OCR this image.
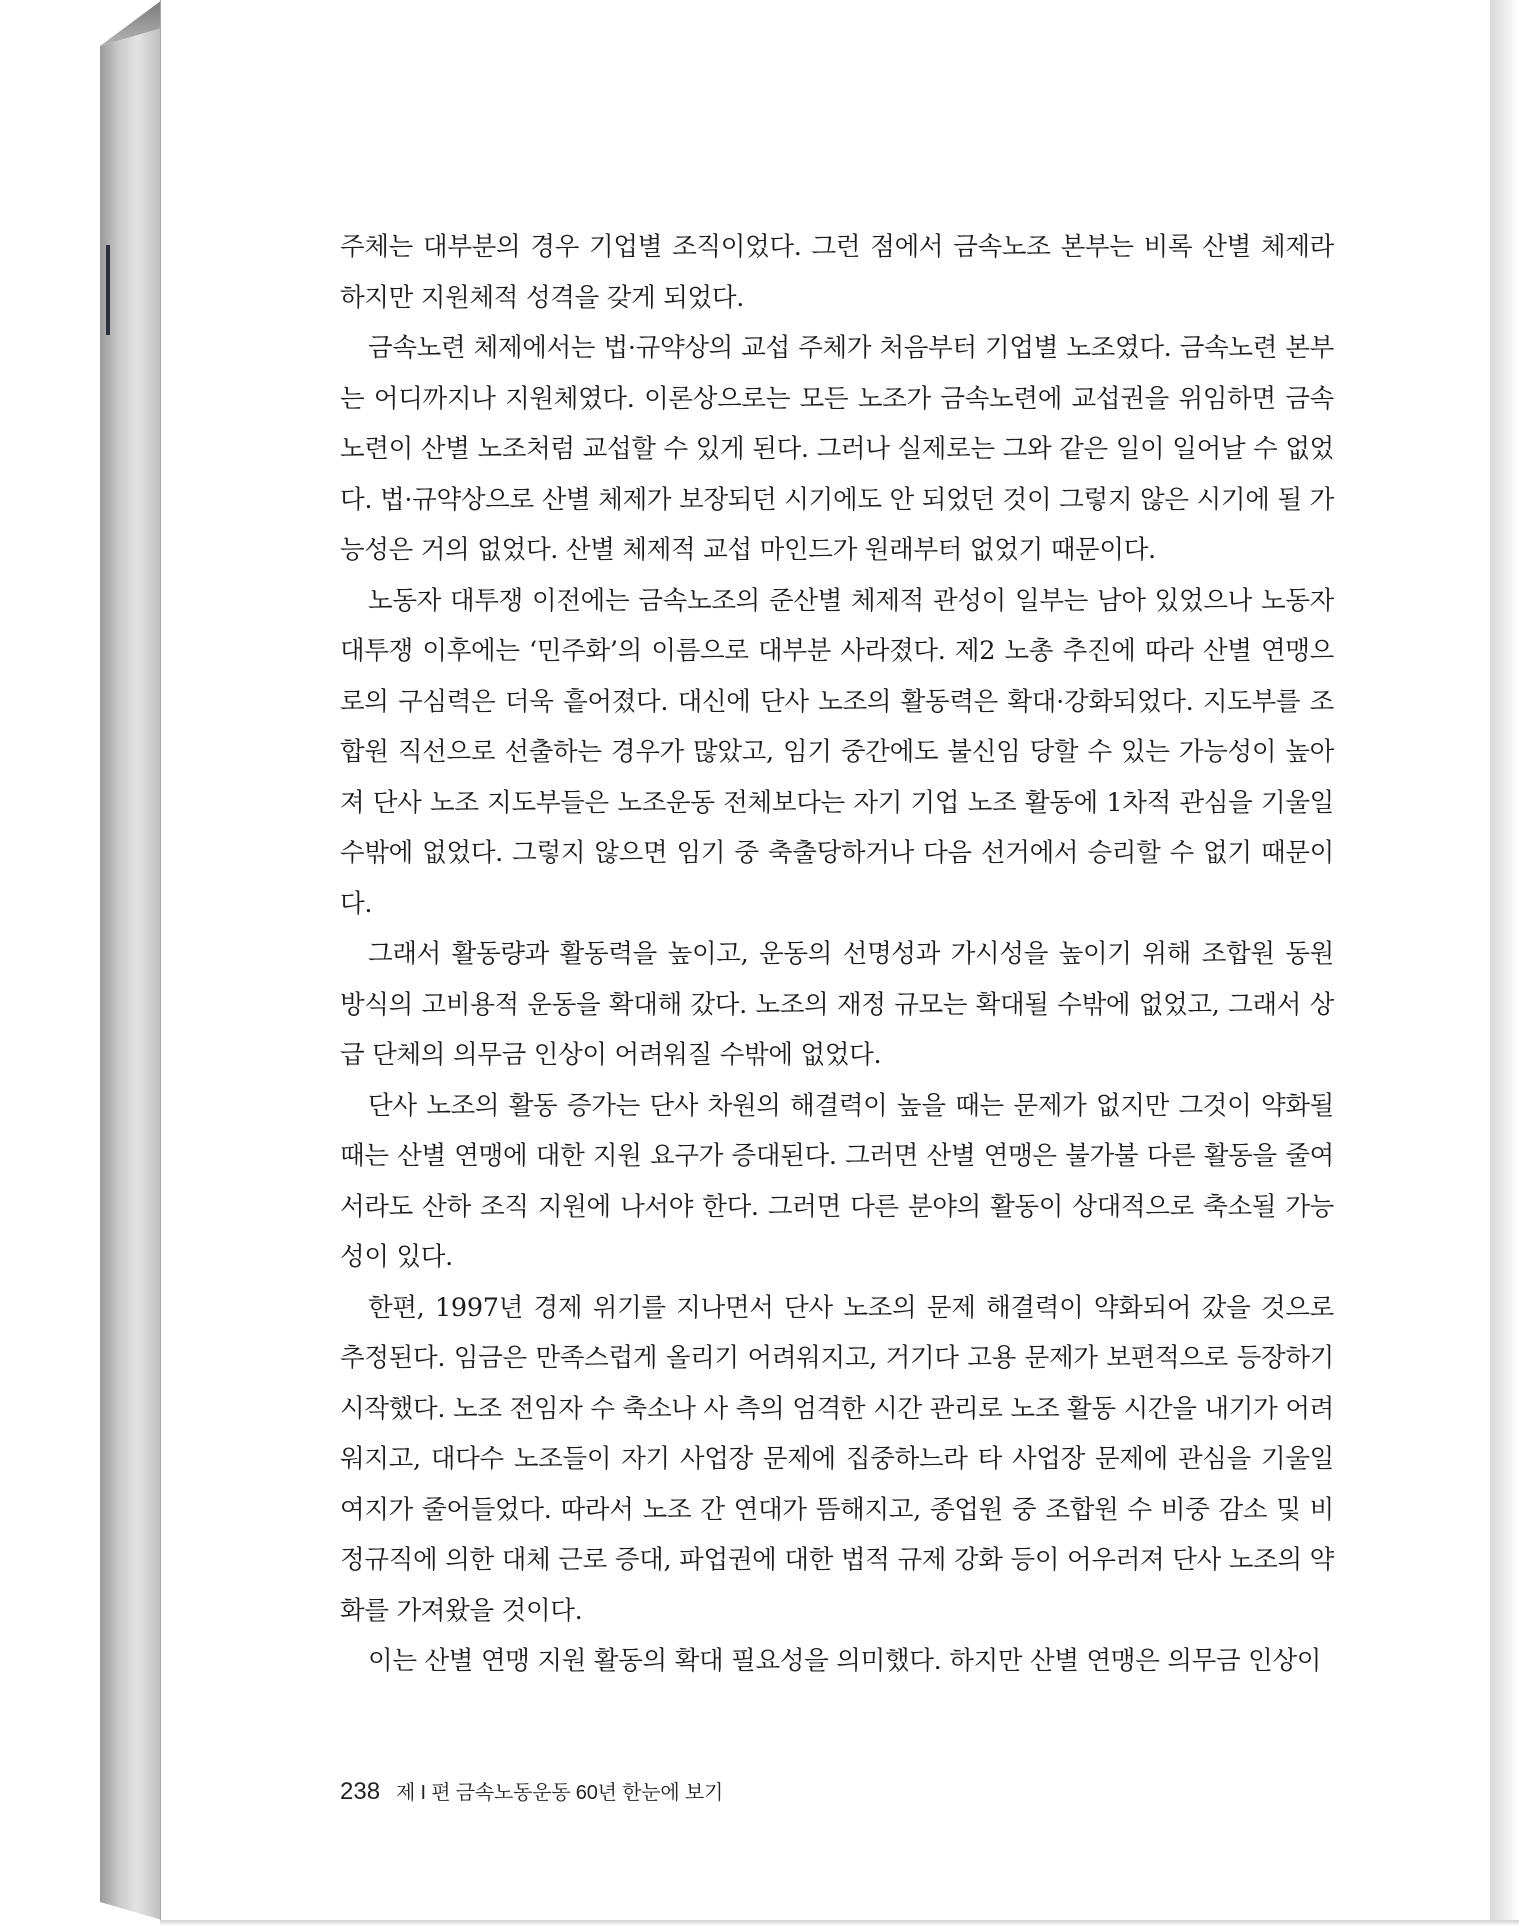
주체는 대부분의 경우 기업별 조직이었다. 그런 점에서 금속노조 본부는 비록 산별 체제라 하지만 지원체적 성격을 갖게 되었다.

금속노련 체제에서는 법·규약상의 교섭 주체가 처음부터 기업별 노조였다. 금속노련 본부는 어디까지나 지원체였다. 이론상으로는 모든 노조가 금속노련에 교섭권을 위임하면 금속노련이 산별 노조처럼 교섭할 수 있게 된다. 그러나 실제로는 그와 같은 일이 일어날 수 없었다. 법·규약상으로 산별 체제가 보장되던 시기에도 안 되었던 것이 그렇지 않은 시기에 될 가능성은 거의 없었다. 산별 체제적 교섭 마인드가 원래부터 없었기 때문이다.

노동자 대투쟁 이전에는 금속노조의 준산별 체제적 관성이 일부는 남아 있었으나 노동자 대투쟁 이후에는 ‘민주화’의 이름으로 대부분 사라졌다. 제2 노총 추진에 따라 산별 연맹으로의 구심력은 더욱 흩어졌다. 대신에 단사 노조의 활동력은 확대·강화되었다. 지도부를 조합원 직선으로 선출하는 경우가 많았고, 임기 중간에도 불신임 당할 수 있는 가능성이 높아져 단사 노조 지도부들은 노조운동 전체보다는 자기 기업 노조 활동에 1차적 관심을 기울일 수밖에 없었다. 그렇지 않으면 임기 중 축출당하거나 다음 선거에서 승리할 수 없기 때문이다.

그래서 활동량과 활동력을 높이고, 운동의 선명성과 가시성을 높이기 위해 조합원 동원 방식의 고비용적 운동을 확대해 갔다. 노조의 재정 규모는 확대될 수밖에 없었고, 그래서 상급 단체의 의무금 인상이 어려워질 수밖에 없었다.

단사 노조의 활동 증가는 단사 차원의 해결력이 높을 때는 문제가 없지만 그것이 약화될 때는 산별 연맹에 대한 지원 요구가 증대된다. 그러면 산별 연맹은 불가불 다른 활동을 줄여서라도 산하 조직 지원에 나서야 한다. 그러면 다른 분야의 활동이 상대적으로 축소될 가능성이 있다.

한편, 1997년 경제 위기를 지나면서 단사 노조의 문제 해결력이 약화되어 갔을 것으로 추정된다. 임금은 만족스럽게 올리기 어려워지고, 거기다 고용 문제가 보편적으로 등장하기 시작했다. 노조 전임자 수 축소나 사 측의 엄격한 시간 관리로 노조 활동 시간을 내기가 어려워지고, 대다수 노조들이 자기 사업장 문제에 집중하느라 타 사업장 문제에 관심을 기울일 여지가 줄어들었다. 따라서 노조 간 연대가 뜸해지고, 종업원 중 조합원 수 비중 감소 및 비정규직에 의한 대체 근로 증대, 파업권에 대한 법적 규제 강화 등이 어우러져 단사 노조의 약화를 가져왔을 것이다.

이는 산별 연맹 지원 활동의 확대 필요성을 의미했다. 하지만 산별 연맹은 의무금 인상이

238 제 I 편 금속노동운동 60년 한눈에 보기
